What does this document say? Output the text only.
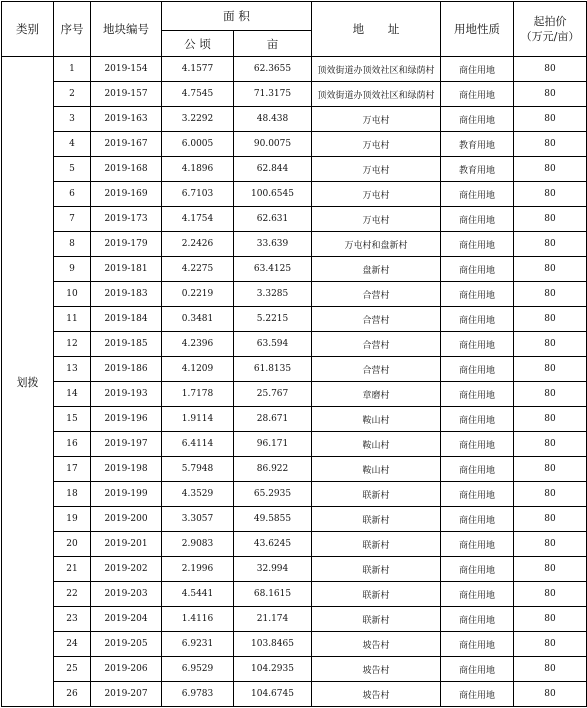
类别	序号	地块编号	面 积		地 址	用地性质	起拍价
（万元/亩）

			公 顷	亩			
划拨	1	2019-154	4.1577	62.3655	顶效街道办顶效社区和绿荫村	商住用地	80
	2	2019-157	4.7545	71.3175	顶效街道办顶效社区和绿荫村	商住用地	80
	3	2019-163	3.2292	48.438	万屯村	商住用地	80
	4	2019-167	6.0005	90.0075	万屯村	教育用地	80
	5	2019-168	4.1896	62.844	万屯村	教育用地	80
	6	2019-169	6.7103	100.6545	万屯村	商住用地	80
	7	2019-173	4.1754	62.631	万屯村	商住用地	80
	8	2019-179	2.2426	33.639	万屯村和盘新村	商住用地	80
	9	2019-181	4.2275	63.4125	盘新村	商住用地	80
	10	2019-183	0.2219	3.3285	合营村	商住用地	80
	11	2019-184	0.3481	5.2215	合营村	商住用地	80
	12	2019-185	4.2396	63.594	合营村	商住用地	80
	13	2019-186	4.1209	61.8135	合营村	商住用地	80
	14	2019-193	1.7178	25.767	章磨村	商住用地	80
	15	2019-196	1.9114	28.671	鞍山村	商住用地	80
	16	2019-197	6.4114	96.171	鞍山村	商住用地	80
	17	2019-198	5.7948	86.922	鞍山村	商住用地	80
	18	2019-199	4.3529	65.2935	联新村	商住用地	80
	19	2019-200	3.3057	49.5855	联新村	商住用地	80
	20	2019-201	2.9083	43.6245	联新村	商住用地	80
	21	2019-202	2.1996	32.994	联新村	商住用地	80
	22	2019-203	4.5441	68.1615	联新村	商住用地	80
	23	2019-204	1.4116	21.174	联新村	商住用地	80
	24	2019-205	6.9231	103.8465	坡告村	商住用地	80
	25	2019-206	6.9529	104.2935	坡告村	商住用地	80
	26	2019-207	6.9783	104.6745	坡告村	商住用地	80
